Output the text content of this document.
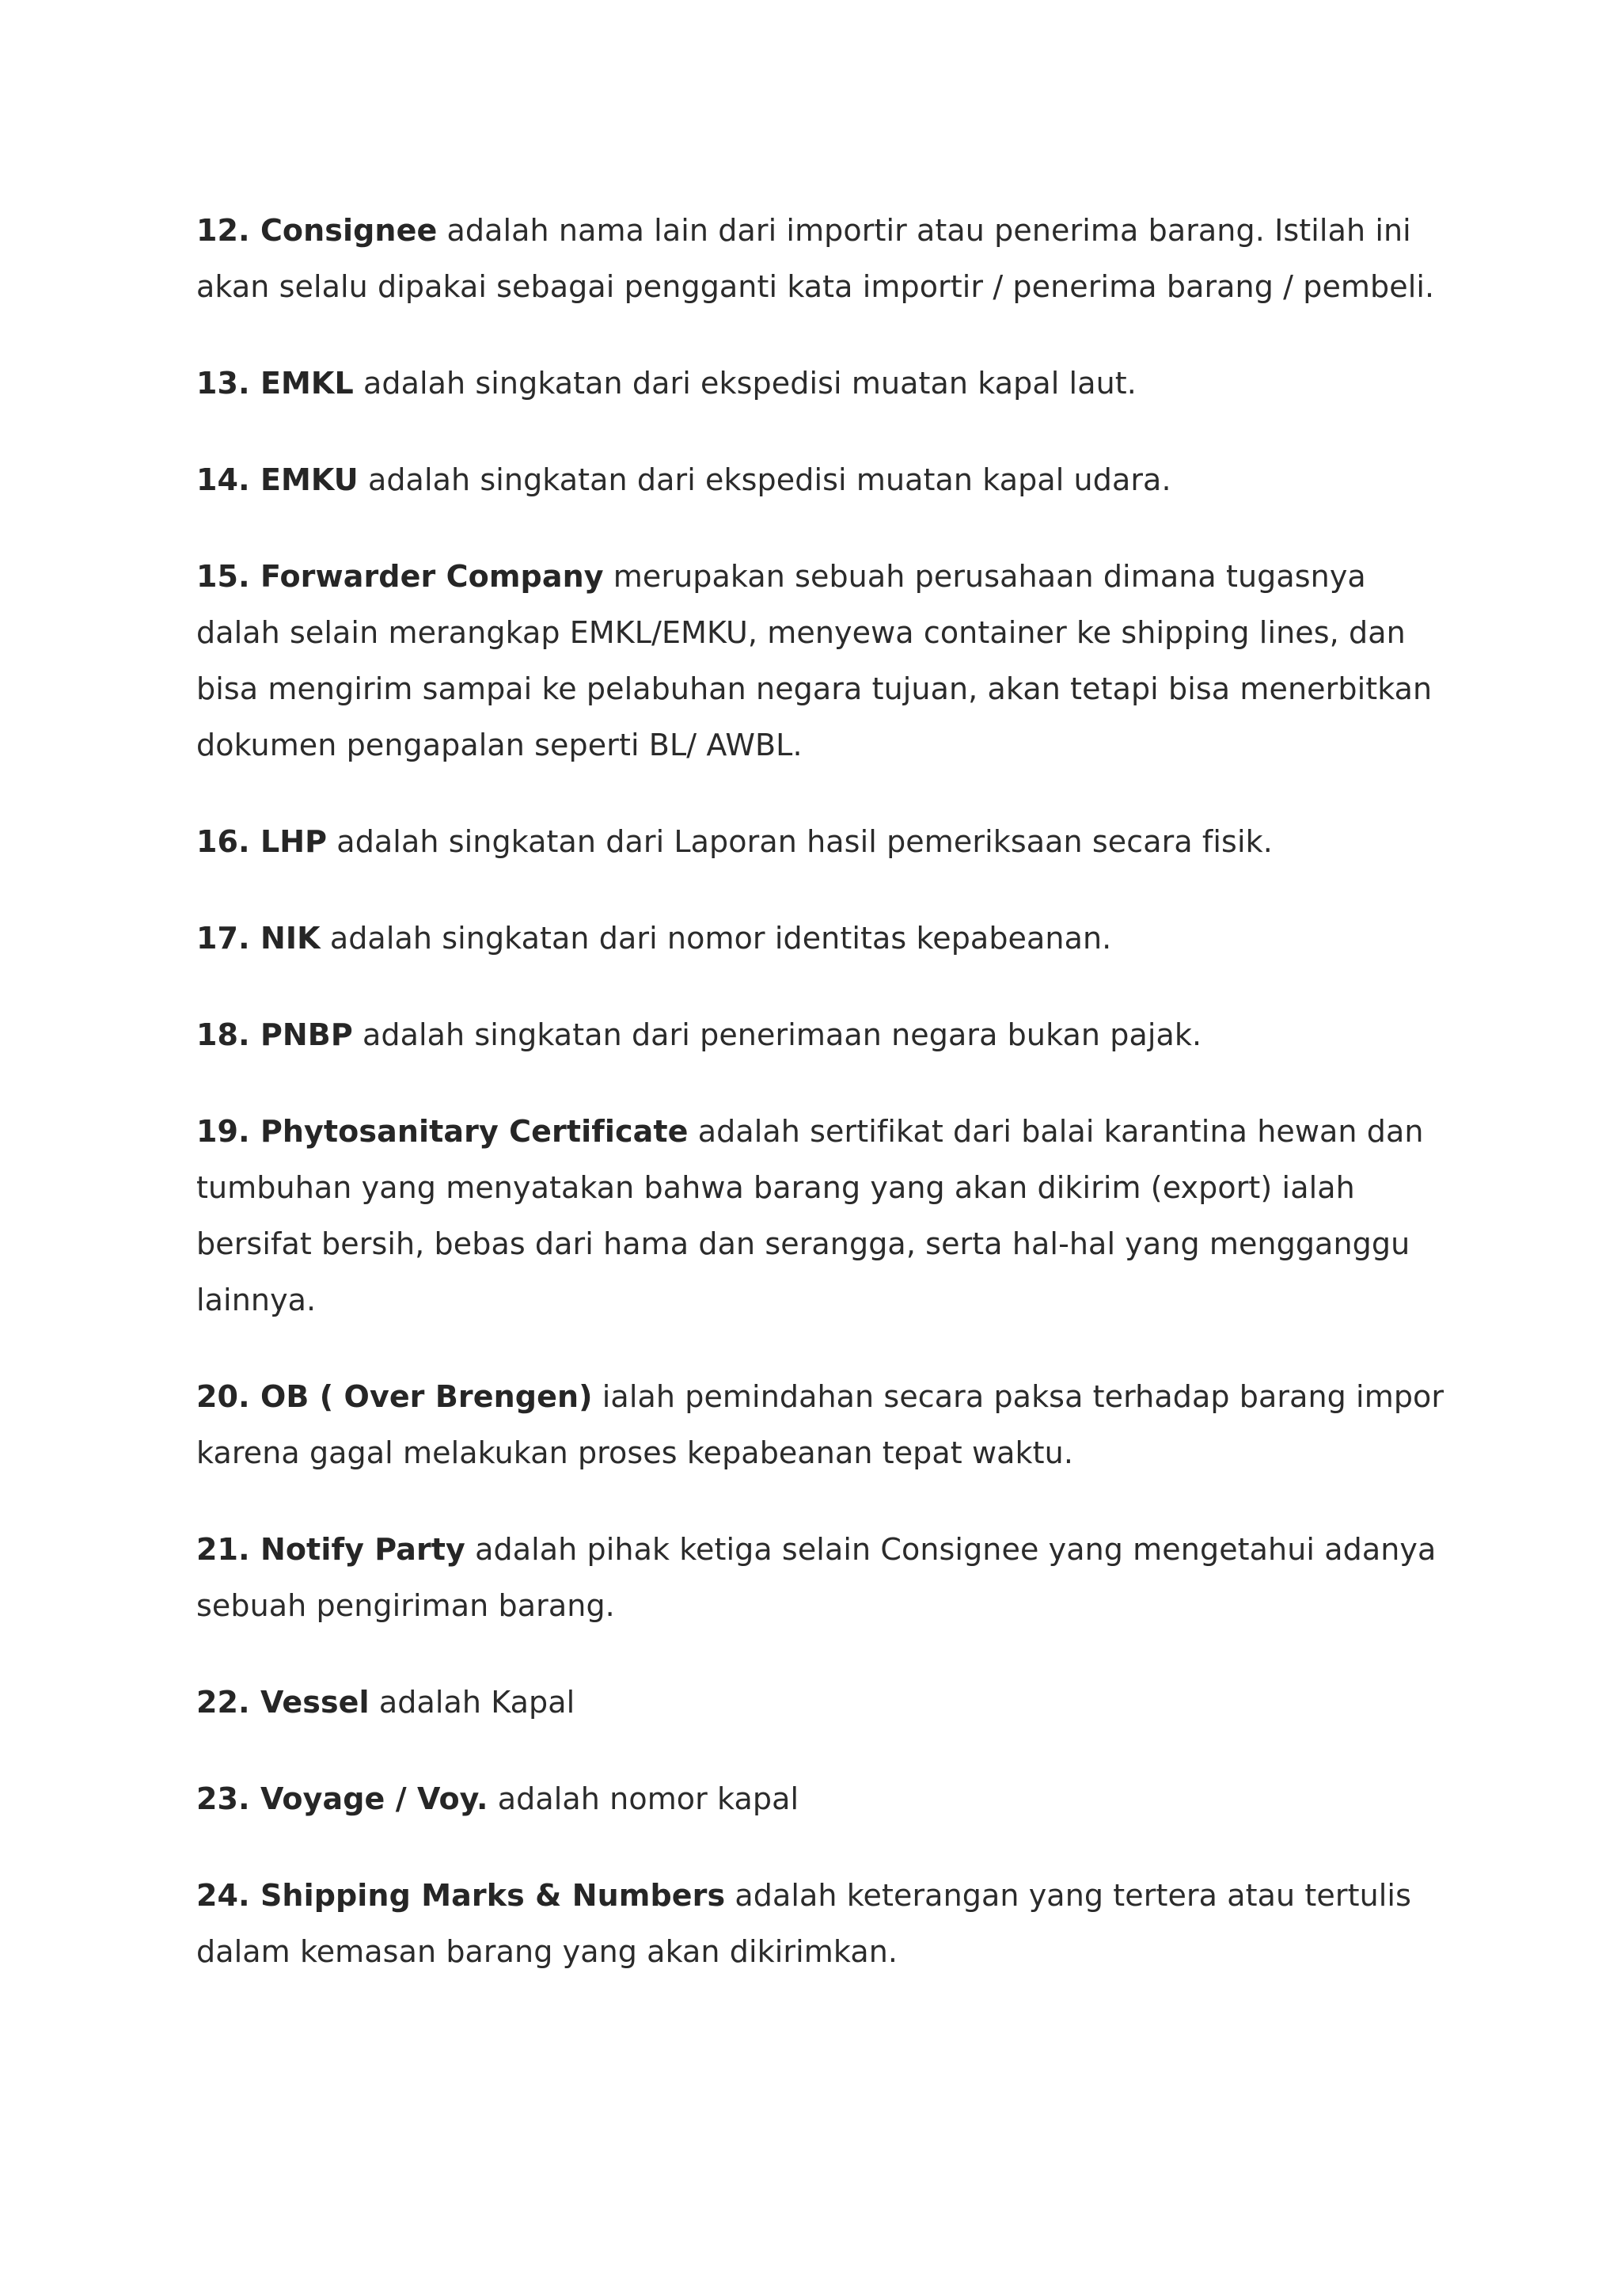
12. Consignee adalah nama lain dari importir atau penerima barang. Istilah ini akan selalu dipakai sebagai pengganti kata importir / penerima barang / pembeli.

13. EMKL adalah singkatan dari ekspedisi muatan kapal laut.

14. EMKU adalah singkatan dari ekspedisi muatan kapal udara.

15. Forwarder Company merupakan sebuah perusahaan dimana tugasnya dalah selain merangkap EMKL/EMKU, menyewa container ke shipping lines, dan bisa mengirim sampai ke pelabuhan negara tujuan, akan tetapi bisa menerbitkan dokumen pengapalan seperti BL/ AWBL.

16. LHP adalah singkatan dari Laporan hasil pemeriksaan secara fisik.

17. NIK adalah singkatan dari nomor identitas kepabeanan.

18. PNBP adalah singkatan dari penerimaan negara bukan pajak.

19. Phytosanitary Certificate adalah sertifikat dari balai karantina hewan dan tumbuhan yang menyatakan bahwa barang yang akan dikirim (export) ialah bersifat bersih, bebas dari hama dan serangga, serta hal-hal yang mengganggu lainnya.

20. OB ( Over Brengen) ialah pemindahan secara paksa terhadap barang impor karena gagal melakukan proses kepabeanan tepat waktu.

21. Notify Party adalah pihak ketiga selain Consignee yang mengetahui adanya sebuah pengiriman barang.

22. Vessel adalah Kapal

23. Voyage / Voy. adalah nomor kapal

24. Shipping Marks & Numbers adalah keterangan yang tertera atau tertulis dalam kemasan barang yang akan dikirimkan.
